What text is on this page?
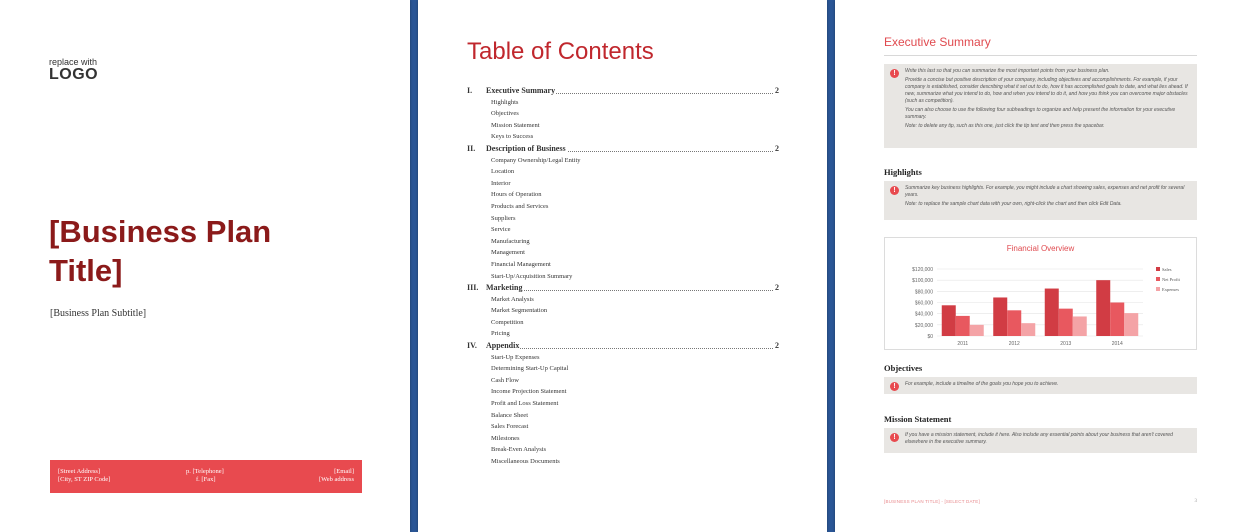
replace with
LOGO
[Business Plan
Title]
[Business Plan Subtitle]
[Street Address]
[City, ST ZIP Code]
p. [Telephone]
f. [Fax]
[Email]
[Web address
Table of Contents
I.	Executive Summary	2
Highlights
Objectives
Mission Statement
Keys to Success
II.	Description of Business	2
Company Ownership/Legal Entity
Location
Interior
Hours of Operation
Products and Services
Suppliers
Service
Manufacturing
Management
Financial Management
Start-Up/Acquisition Summary
III. Marketing	2
Market Analysis
Market Segmentation
Competition
Pricing
IV.	Appendix	2
Start-Up Expenses
Determining Start-Up Capital
Cash Flow
Income Projection Statement
Profit and Loss Statement
Balance Sheet
Sales Forecast
Milestones
Break-Even Analysis
Miscellaneous Documents
Executive Summary
!	Write this last so that you can summarize the most important points from your business plan.

Provide a concise but positive description of your company, including objectives and accomplishments. For example, if your company is established, consider describing what it set out to do, how it has accomplished goals to date, and what lies ahead. If new, summarize what you intend to do, how and when you intend to do it, and how you think you can overcome major obstacles (such as competition).

You can also choose to use the following four subheadings to organize and help present the information for your executive summary.

Note: to delete any tip, such as this one, just click the tip text and then press the spacebar.

Highlights
!	Summarize key business highlights. For example, you might include a chart showing sales, expenses and net profit for several years.

Note: to replace the sample chart data with your own, right-click the chart and then click Edit Data.

Financial Overview
$0
$20,000
$40,000
$60,000
$80,000
$100,000
$120,000
2011	2012	2013	2014
Sales
Net Profit
Expenses
Objectives
!	For example, include a timeline of the goals you hope you to achieve.

Mission Statement
!	If you have a mission statement, include it here. Also include any essential points about your business that aren't covered elsewhere in the executive summary.

[BUSINESS PLAN TITLE] - [SELECT DATE]	3
